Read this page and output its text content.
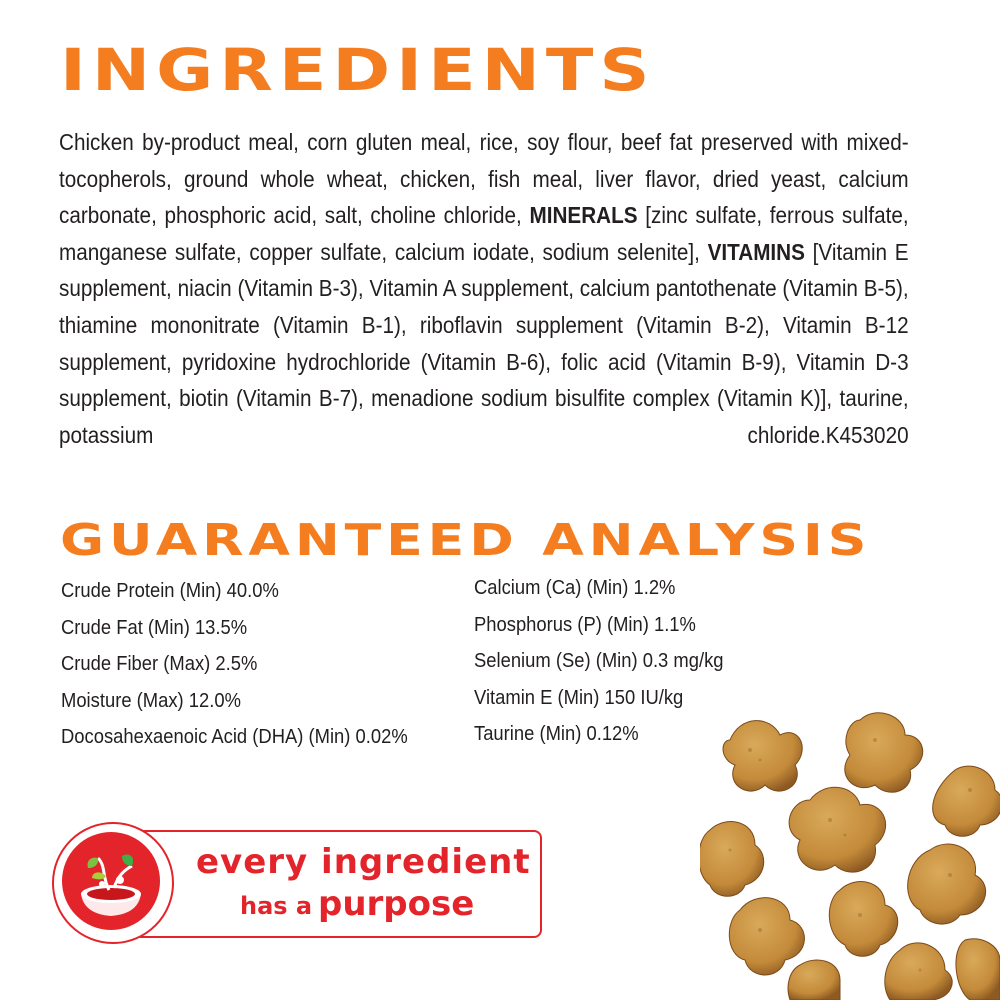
INGREDIENTS

Chicken by-product meal, corn gluten meal, rice, soy flour, beef fat preserved with mixed-tocopherols, ground whole wheat, chicken, fish meal, liver flavor, dried yeast, calcium carbonate, phosphoric acid, salt, choline chloride, MINERALS [zinc sulfate, ferrous sulfate, manganese sulfate, copper sulfate, calcium iodate, sodium selenite], VITAMINS [Vitamin E supplement, niacin (Vitamin B-3), Vitamin A supplement, calcium pantothenate (Vitamin B-5), thiamine mononitrate (Vitamin B-1), riboflavin supplement (Vitamin B-2), Vitamin B-12 supplement, pyridoxine hydrochloride (Vitamin B-6), folic acid (Vitamin B-9), Vitamin D-3 supplement, biotin (Vitamin B-7), menadione sodium bisulfite complex (Vitamin K)], taurine, potassium chloride. K453020

GUARANTEED ANALYSIS
Crude Protein (Min) 40.0%
Crude Fat (Min) 13.5%
Crude Fiber (Max) 2.5%
Moisture (Max) 12.0%
Docosahexaenoic Acid (DHA) (Min) 0.02%
Calcium (Ca) (Min) 1.2%
Phosphorus (P) (Min) 1.1%
Selenium (Se) (Min) 0.3 mg/kg
Vitamin E (Min) 150 IU/kg
Taurine (Min) 0.12%
every ingredient
has a purpose
